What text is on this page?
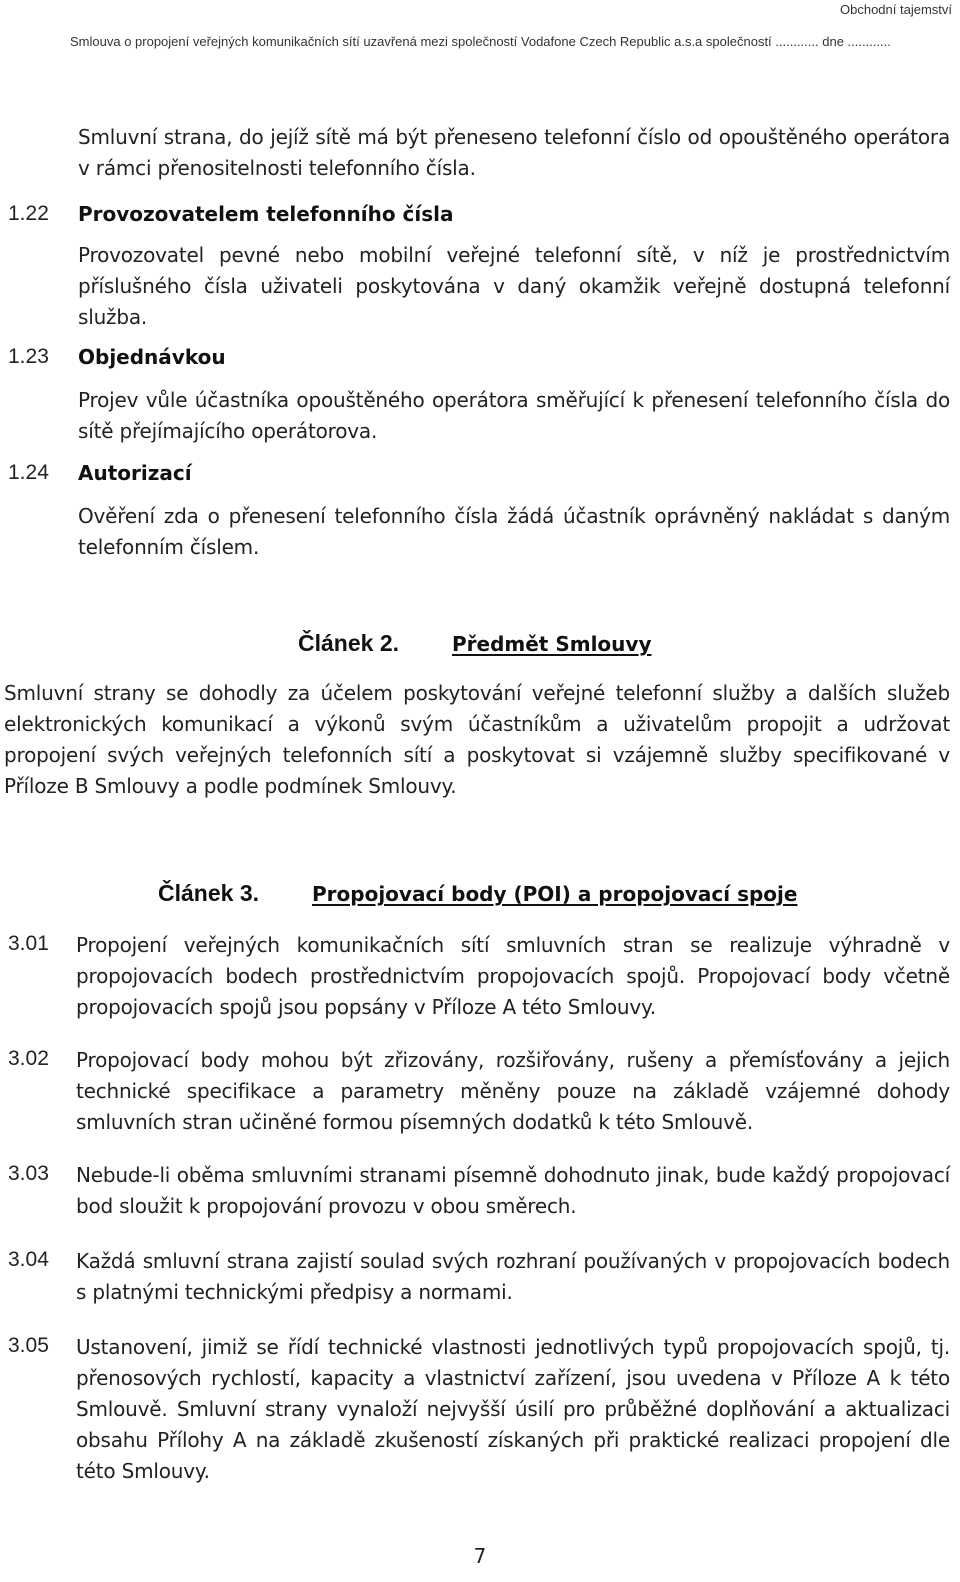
Obchodní tajemství
Smlouva o propojení veřejných komunikačních sítí uzavřená mezi společností Vodafone Czech Republic a.s.a společností ............ dne ............
Smluvní strana, do jejíž sítě má být přeneseno telefonní číslo od opouštěného operátora v rámci přenositelnosti telefonního čísla.
1.22 Provozovatelem telefonního čísla
Provozovatel pevné nebo mobilní veřejné telefonní sítě, v níž je prostřednictvím příslušného čísla uživateli poskytována v daný okamžik veřejně dostupná telefonní služba.
1.23 Objednávkou
Projev vůle účastníka opouštěného operátora směřující k přenesení telefonního čísla do sítě přejímajícího operátorova.
1.24 Autorizací
Ověření zda o přenesení telefonního čísla žádá účastník oprávněný nakládat s daným telefonním číslem.
Článek 2.	Předmět Smlouvy
Smluvní strany se dohodly za účelem poskytování veřejné telefonní služby a dalších služeb elektronických komunikací a výkonů svým účastníkům a uživatelům propojit a udržovat propojení svých veřejných telefonních sítí a poskytovat si vzájemně služby specifikované v Příloze B Smlouvy a podle podmínek Smlouvy.
Článek 3.	Propojovací body (POI) a propojovací spoje
3.01 Propojení veřejných komunikačních sítí smluvních stran se realizuje výhradně v propojovacích bodech prostřednictvím propojovacích spojů. Propojovací body včetně propojovacích spojů jsou popsány v Příloze A této Smlouvy.
3.02 Propojovací body mohou být zřizovány, rozšiřovány, rušeny a přemísťovány a jejich technické specifikace a parametry měněny pouze na základě vzájemné dohody smluvních stran učiněné formou písemných dodatků k této Smlouvě.
3.03 Nebude-li oběma smluvními stranami písemně dohodnuto jinak, bude každý propojovací bod sloužit k propojování provozu v obou směrech.
3.04 Každá smluvní strana zajistí soulad svých rozhraní používaných v propojovacích bodech s platnými technickými předpisy a normami.
3.05 Ustanovení, jimiž se řídí technické vlastnosti jednotlivých typů propojovacích spojů, tj. přenosových rychlostí, kapacity a vlastnictví zařízení, jsou uvedena v Příloze A k této Smlouvě. Smluvní strany vynaloží nejvyšší úsilí pro průběžné doplňování a aktualizaci obsahu Přílohy A na základě zkušeností získaných při praktické realizaci propojení dle této Smlouvy.
7
